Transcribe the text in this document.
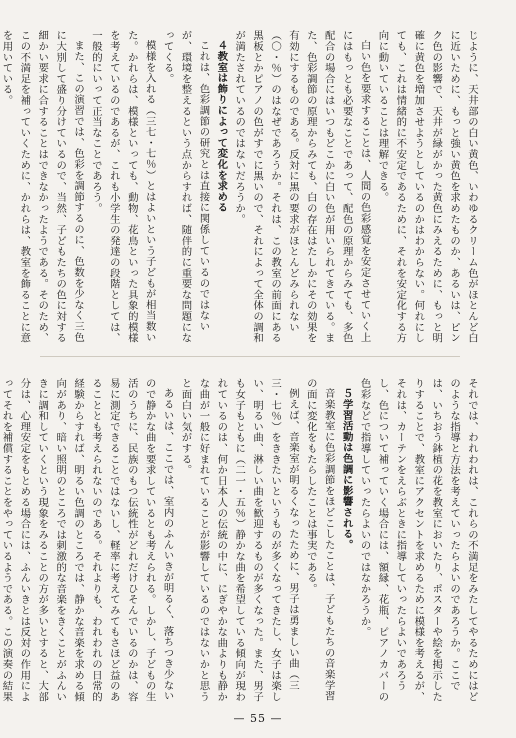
じように、天井部の白い黄色、いわゆるクリーム色がほとんど白に近いために、もっと強い黄色を求めたものか、あるいは、ピンク色の影響で、天井が緑がかった黄色にみえるために、もっと明確に黄色を増加させようとしているのかはわからない。何れにしても、これは情緒的に不安定であるために、それを安定化する方向に動いていることは理解できる。

白い色を要求することは、人間の色彩感覚を安定させていく上にはもっとも必要なことであって、配色の原理からみても、多色配合の場合にはいつもどこかに白い色が用いられてきている。また、色彩調節の原理からみても、白の存在はたしかにその効果を有効にするものである。反対に黒の要求がほとんどみられない（〇・％）のはなぜであろうか。それは、この教室の前面にある黒板とかピアノの色がすでに黒いので、それによって全体の調和が満たされているのではないだろうか。

４教室は飾りによって変化を求める

これは、色彩調節の研究とは直接に関係しているのではないが、環境を整えるという点からすれば、随伴的に重要な問題になってくる。

模様を入れる（三七・七％）とはよいという子どもが相当数いた。かれらは、模様といっても、動物、花鳥といった具象的模様を考えているのであるが、これも小学生の発達の段階としては、一般的にいって正当なことであろう。

また、この演習では、色彩を調節するのに、色数を少なく三色に大別して盛り分けているので、当然、子どもたちの色に対する細かい要求に合することはできなかったようである。そのため、この不満足を補っていくために、かれらは、教室を飾ることに意を用いている。

それでは、われわれは、これらの不満足をみたしてやるためにはどのような指導と方法を考えていったらよいのであろうか。ここでは、いちおう鉢植の花を教室においたり、ポスターや絵を掲示したりすることで、教室にアクセントを求めるために模様を考えるが、それは、カーテンをえらぶときに指導していったらよいであろうし、色について補っていく場合には、額縁、花瓶、ピアノカバーの色彩などで指導していったらよいのではなかろうか。

５学習活動は色調に影響される。

音楽教室に色彩調節をほどこしたことは、子どもたちの音楽学習の面に変化をもたらしたことは事実である。

例えば、音楽室が明るくなったために、男子は勇ましい曲（三三・七％）をききたいというものが多くなってきたし、女子は楽しい、明るい曲、淋しい曲を歓迎するものが多くなった。また、男子も女子もともに（二一・五％）静かな曲を希望している傾向が現われているのは、何か日本人の伝統の中に、にぎやかな曲よりも静かな曲が一般に好まれていることが影響しているのではないかと思うと面白い気がする。

あるいは、ここでは、室内のふんいきが明るく、落ちつき少ないので静かな曲を要求しているとも考えられる。しかし、子どもの生活のうちに、民族のもつ伝統性がどれだけひそんでいるのかは、容易に測定できることではないし、軽率に考えてみてもさほど益のあることとも考えられないのである。それよりも、われわれの日常的経験からすれば、明るい色調のところでは、静かな音楽を求める傾向があり、暗い照明のところでは刺激的な音楽をきくことがふんいきに調和していくという現象をみることの方が多いとすると、大部分は、心理安定をもとめる場合には、ふんいきとは反対の作用によってそれを補償することをやっているようである。この演奏の結果

— 55 —
